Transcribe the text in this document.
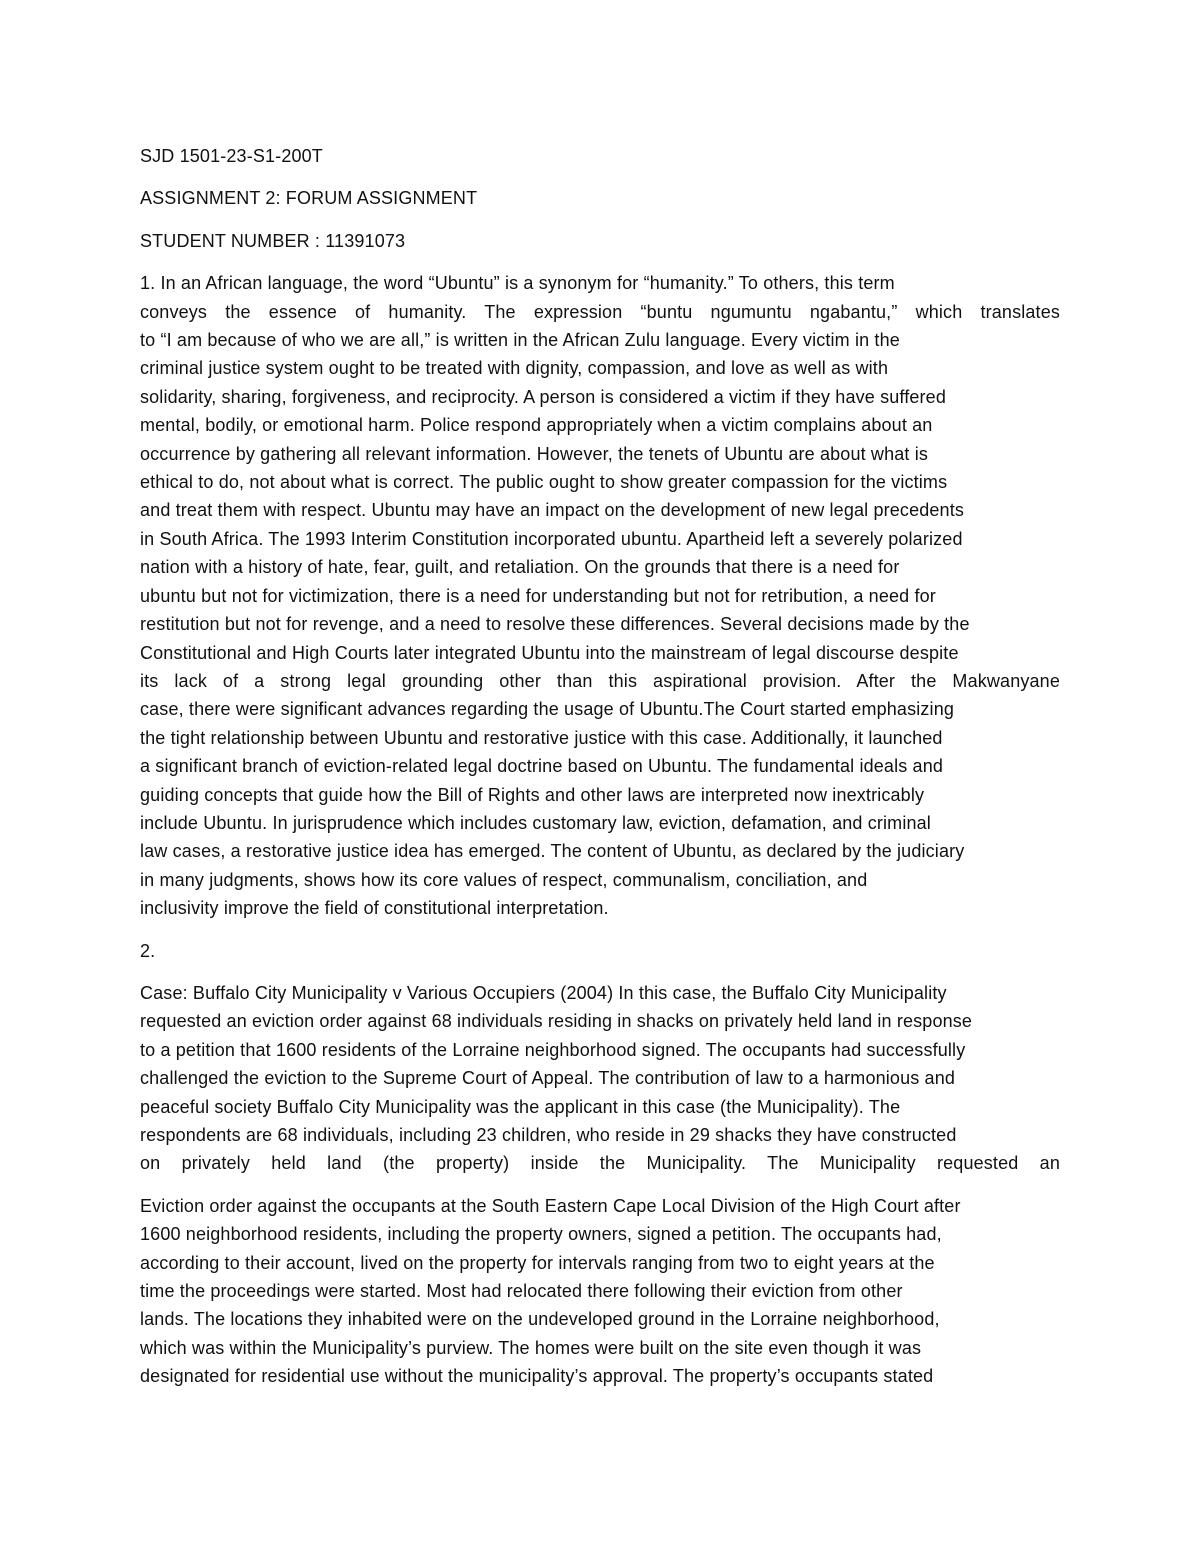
SJD 1501-23-S1-200T
ASSIGNMENT 2: FORUM ASSIGNMENT
STUDENT NUMBER : 11391073
1. In an African language, the word “Ubuntu” is a synonym for “humanity.” To others, this term
conveys the essence of humanity. The expression “buntu ngumuntu ngabantu,” which translates
to “I am because of who we are all,” is written in the African Zulu language. Every victim in the
criminal justice system ought to be treated with dignity, compassion, and love as well as with
solidarity, sharing, forgiveness, and reciprocity. A person is considered a victim if they have suffered
mental, bodily, or emotional harm. Police respond appropriately when a victim complains about an
occurrence by gathering all relevant information. However, the tenets of Ubuntu are about what is
ethical to do, not about what is correct. The public ought to show greater compassion for the victims
and treat them with respect. Ubuntu may have an impact on the development of new legal precedents
in South Africa. The 1993 Interim Constitution incorporated ubuntu. Apartheid left a severely polarized
nation with a history of hate, fear, guilt, and retaliation. On the grounds that there is a need for
ubuntu but not for victimization, there is a need for understanding but not for retribution, a need for
restitution but not for revenge, and a need to resolve these differences. Several decisions made by the
Constitutional and High Courts later integrated Ubuntu into the mainstream of legal discourse despite
its lack of a strong legal grounding other than this aspirational provision. After the Makwanyane
case, there were significant advances regarding the usage of Ubuntu.The Court started emphasizing
the tight relationship between Ubuntu and restorative justice with this case. Additionally, it launched
a significant branch of eviction-related legal doctrine based on Ubuntu. The fundamental ideals and
guiding concepts that guide how the Bill of Rights and other laws are interpreted now inextricably
include Ubuntu. In jurisprudence which includes customary law, eviction, defamation, and criminal
law cases, a restorative justice idea has emerged. The content of Ubuntu, as declared by the judiciary
in many judgments, shows how its core values of respect, communalism, conciliation, and
inclusivity improve the field of constitutional interpretation.
2.
Case: Buffalo City Municipality v Various Occupiers (2004) In this case, the Buffalo City Municipality
requested an eviction order against 68 individuals residing in shacks on privately held land in response
to a petition that 1600 residents of the Lorraine neighborhood signed. The occupants had successfully
challenged the eviction to the Supreme Court of Appeal. The contribution of law to a harmonious and
peaceful society Buffalo City Municipality was the applicant in this case (the Municipality). The
respondents are 68 individuals, including 23 children, who reside in 29 shacks they have constructed
on privately held land (the property) inside the Municipality. The Municipality requested an
Eviction order against the occupants at the South Eastern Cape Local Division of the High Court after
1600 neighborhood residents, including the property owners, signed a petition. The occupants had,
according to their account, lived on the property for intervals ranging from two to eight years at the
time the proceedings were started. Most had relocated there following their eviction from other
lands. The locations they inhabited were on the undeveloped ground in the Lorraine neighborhood,
which was within the Municipality’s purview. The homes were built on the site even though it was
designated for residential use without the municipality’s approval. The property’s occupants stated
